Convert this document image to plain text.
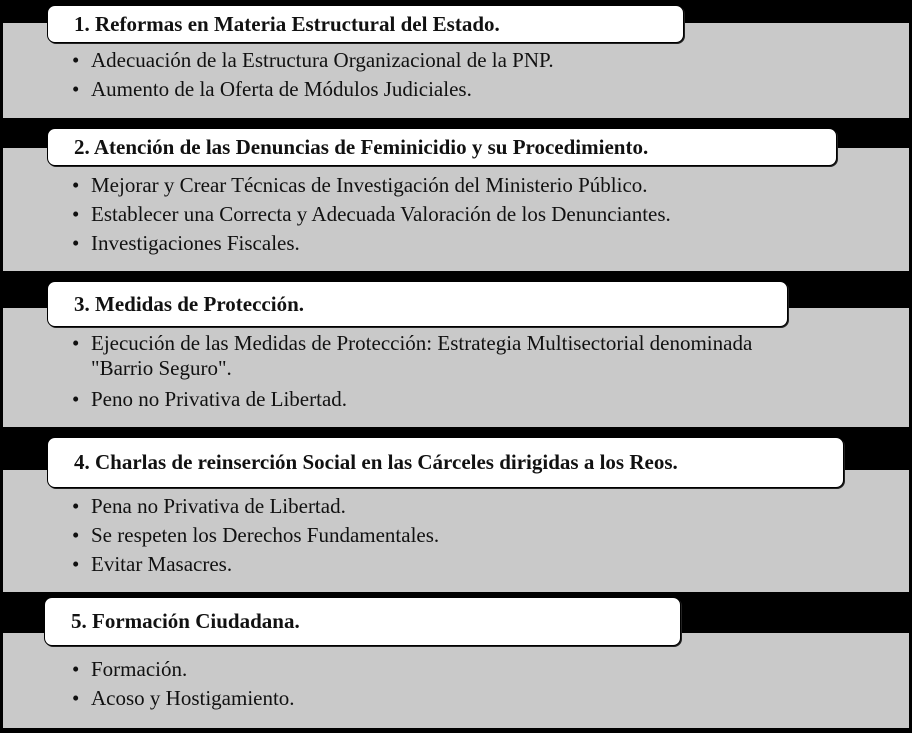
1. Reformas en Materia Estructural del Estado.
• Adecuación de la Estructura Organizacional de la PNP.
• Aumento de la Oferta de Módulos Judiciales.
2. Atención de las Denuncias de Feminicidio y su Procedimiento.
• Mejorar y Crear Técnicas de Investigación del Ministerio Público.
• Establecer una Correcta y Adecuada Valoración de los Denunciantes.
• Investigaciones Fiscales.
3. Medidas de Protección.
• Ejecución de las Medidas de Protección: Estrategia Multisectorial denominada "Barrio Seguro".
• Peno no Privativa de Libertad.
4. Charlas de reinserción Social en las Cárceles dirigidas a los Reos.
• Pena no Privativa de Libertad.
• Se respeten los Derechos Fundamentales.
• Evitar Masacres.
5. Formación Ciudadana.
• Formación.
• Acoso y Hostigamiento.
